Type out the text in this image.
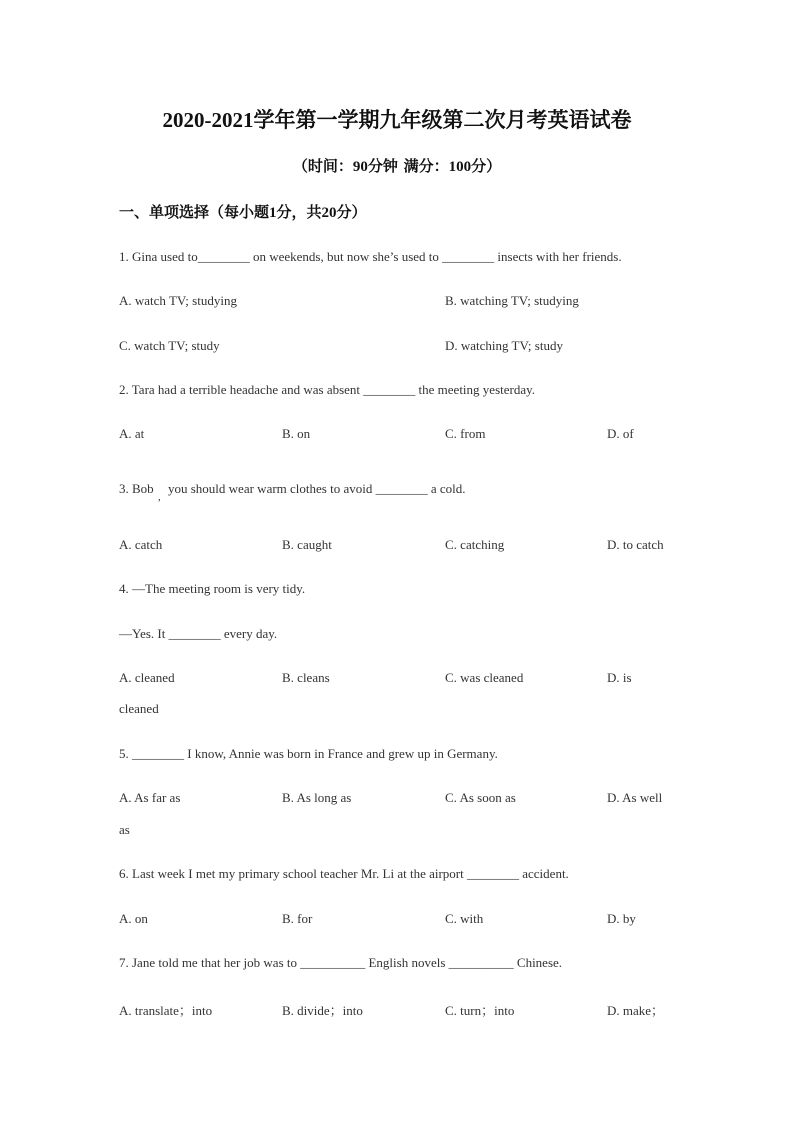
2020-2021学年第一学期九年级第二次月考英语试卷
（时间：90分钟 满分：100分）
一、单项选择（每小题1分，共20分）
1. Gina used to________ on weekends, but now she’s used to ________ insects with her friends.
A. watch TV; studying	B. watching TV; studying
C. watch TV; study	D. watching TV; study
2. Tara had a terrible headache and was absent ________ the meeting yesterday.
A. at	B. on	C. from	D. of
3. Bob
,
you should wear warm clothes to avoid ________ a cold.
A. catch	B. caught	C. catching	D. to catch
4. —The meeting room is very tidy.
—Yes. It ________ every day.
A. cleaned	B. cleans	C. was cleaned	D. is
cleaned
5. ________ I know, Annie was born in France and grew up in Germany.
A. As far as	B. As long as	C. As soon as	D. As well
as
6. Last week I met my primary school teacher Mr. Li at the airport ________ accident.
A. on	B. for	C. with	D. by
7. Jane told me that her job was to __________ English novels __________ Chinese.
A. translate；into	B. divide；into	C. turn；into	D. make；
